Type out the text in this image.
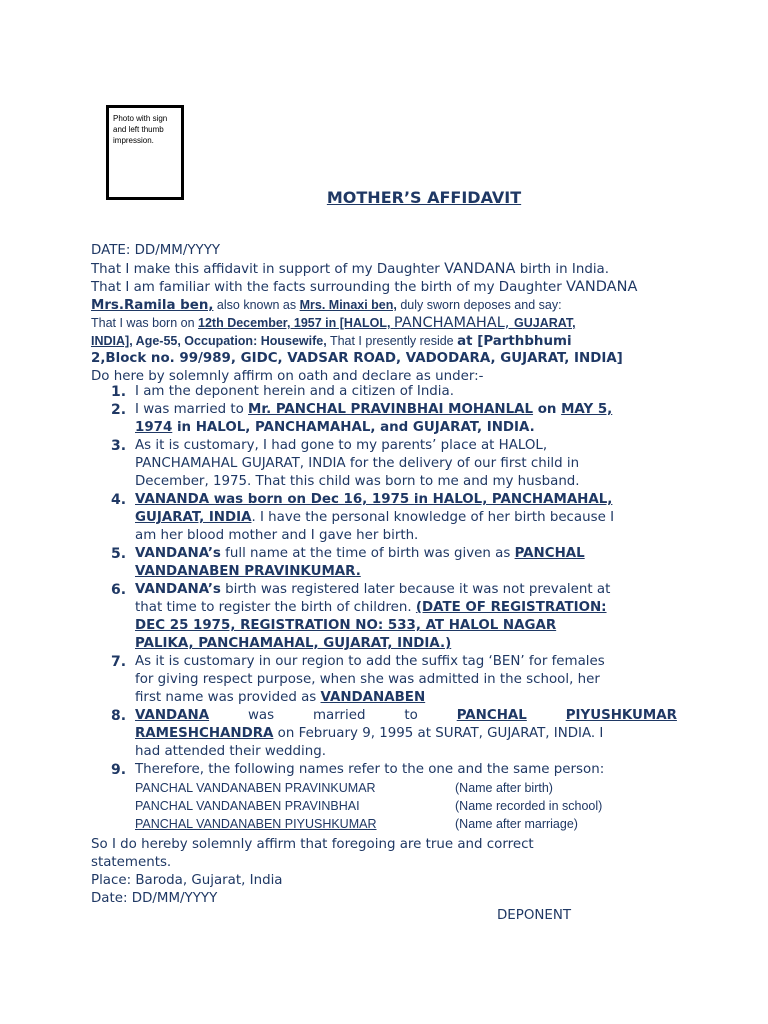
Photo with sign and left thumb impression.
MOTHER’S AFFIDAVIT
DATE: DD/MM/YYYY
That I make this affidavit in support of my Daughter VANDANA birth in India.
That I am familiar with the facts surrounding the birth of my Daughter VANDANA
Mrs.Ramila ben, also known as Mrs. Minaxi ben, duly sworn deposes and say:
That I was born on 12th December, 1957 in [HALOL, PANCHAMAHAL, GUJARAT,
INDIA], Age-55, Occupation: Housewife, That I presently reside at [Parthbhumi
2,Block no. 99/989, GIDC, VADSAR ROAD, VADODARA, GUJARAT, INDIA]
Do here by solemnly affirm on oath and declare as under:-
1. I am the deponent herein and a citizen of India.
2. I was married to Mr. PANCHAL PRAVINBHAI MOHANLAL on MAY 5,
1974 in HALOL, PANCHAMAHAL, and GUJARAT, INDIA.
3. As it is customary, I had gone to my parents’ place at HALOL,
PANCHAMAHAL GUJARAT, INDIA for the delivery of our first child in
December, 1975. That this child was born to me and my husband.
4. VANANDA was born on Dec 16, 1975 in HALOL, PANCHAMAHAL,
GUJARAT, INDIA. I have the personal knowledge of her birth because I
am her blood mother and I gave her birth.
5. VANDANA’s full name at the time of birth was given as PANCHAL
VANDANABEN PRAVINKUMAR.
6. VANDANA’s birth was registered later because it was not prevalent at
that time to register the birth of children. (DATE OF REGISTRATION:
DEC 25 1975, REGISTRATION NO: 533, AT HALOL NAGAR
PALIKA, PANCHAMAHAL, GUJARAT, INDIA.)
7. As it is customary in our region to add the suffix tag ‘BEN’ for females
for giving respect purpose, when she was admitted in the school, her
first name was provided as VANDANABEN
8. VANDANA	was	married	to	PANCHAL	PIYUSHKUMAR
RAMESHCHANDRA on February 9, 1995 at SURAT, GUJARAT, INDIA. I
had attended their wedding.
9. Therefore, the following names refer to the one and the same person:
PANCHAL VANDANABEN PRAVINKUMAR	(Name after birth)
PANCHAL VANDANABEN PRAVINBHAI	(Name recorded in school)
PANCHAL VANDANABEN PIYUSHKUMAR	(Name after marriage)
So I do hereby solemnly affirm that foregoing are true and correct
statements.
Place: Baroda, Gujarat, India
Date: DD/MM/YYYY
DEPONENT
